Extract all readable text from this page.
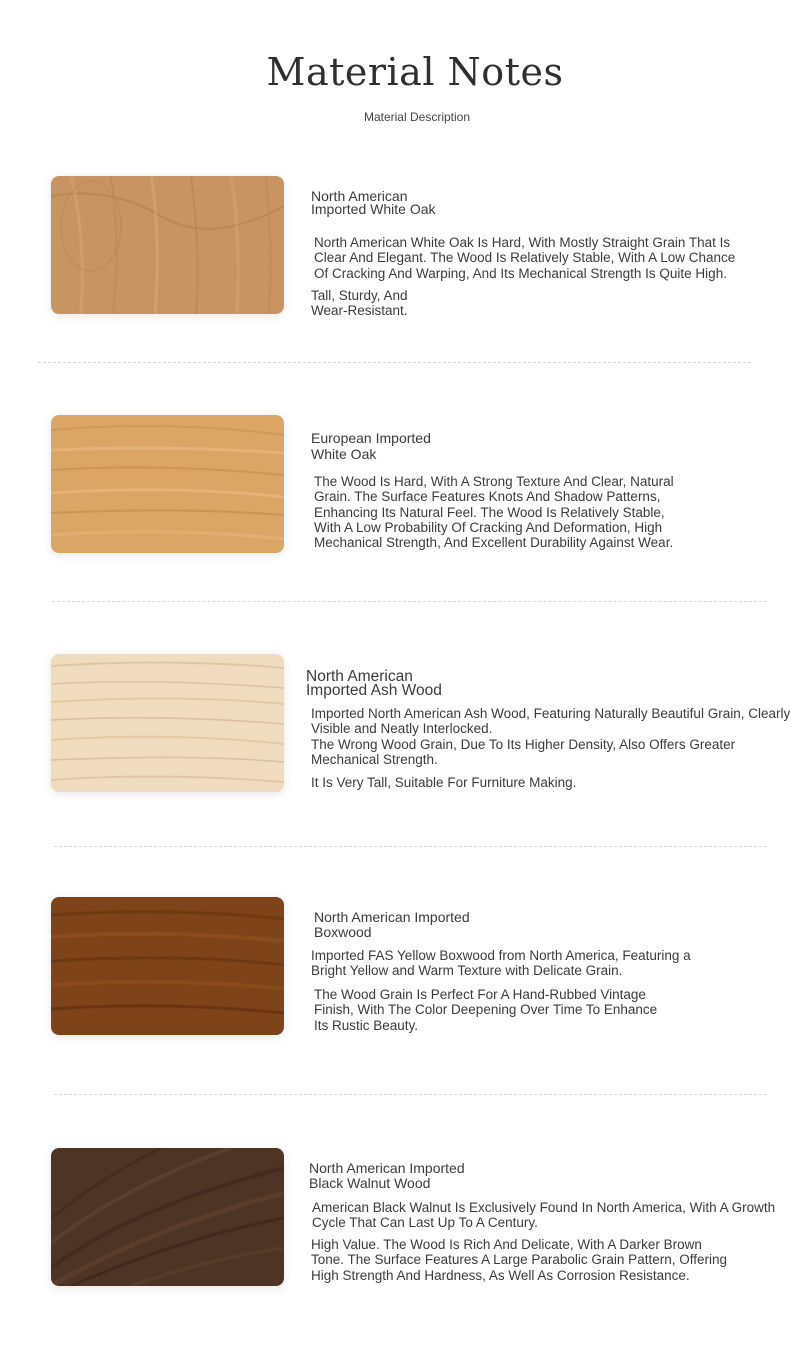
Material Notes
Material Description
North American
Imported White Oak
North American White Oak Is Hard, With Mostly Straight Grain That Is
Clear And Elegant. The Wood Is Relatively Stable, With A Low Chance
Of Cracking And Warping, And Its Mechanical Strength Is Quite High.
Tall, Sturdy, And
Wear-Resistant.
European Imported
White Oak
The Wood Is Hard, With A Strong Texture And Clear, Natural
Grain. The Surface Features Knots And Shadow Patterns,
Enhancing Its Natural Feel. The Wood Is Relatively Stable,
With A Low Probability Of Cracking And Deformation, High
Mechanical Strength, And Excellent Durability Against Wear.
North American
Imported Ash Wood
Imported North American Ash Wood, Featuring Naturally Beautiful Grain, Clearly
Visible and Neatly Interlocked.
The Wrong Wood Grain, Due To Its Higher Density, Also Offers Greater
Mechanical Strength.
It Is Very Tall, Suitable For Furniture Making.
North American Imported
Boxwood
Imported FAS Yellow Boxwood from North America, Featuring a
Bright Yellow and Warm Texture with Delicate Grain.
The Wood Grain Is Perfect For A Hand-Rubbed Vintage
Finish, With The Color Deepening Over Time To Enhance
Its Rustic Beauty.
North American Imported
Black Walnut Wood
American Black Walnut Is Exclusively Found In North America, With A Growth
Cycle That Can Last Up To A Century.
High Value. The Wood Is Rich And Delicate, With A Darker Brown
Tone. The Surface Features A Large Parabolic Grain Pattern, Offering
High Strength And Hardness, As Well As Corrosion Resistance.
